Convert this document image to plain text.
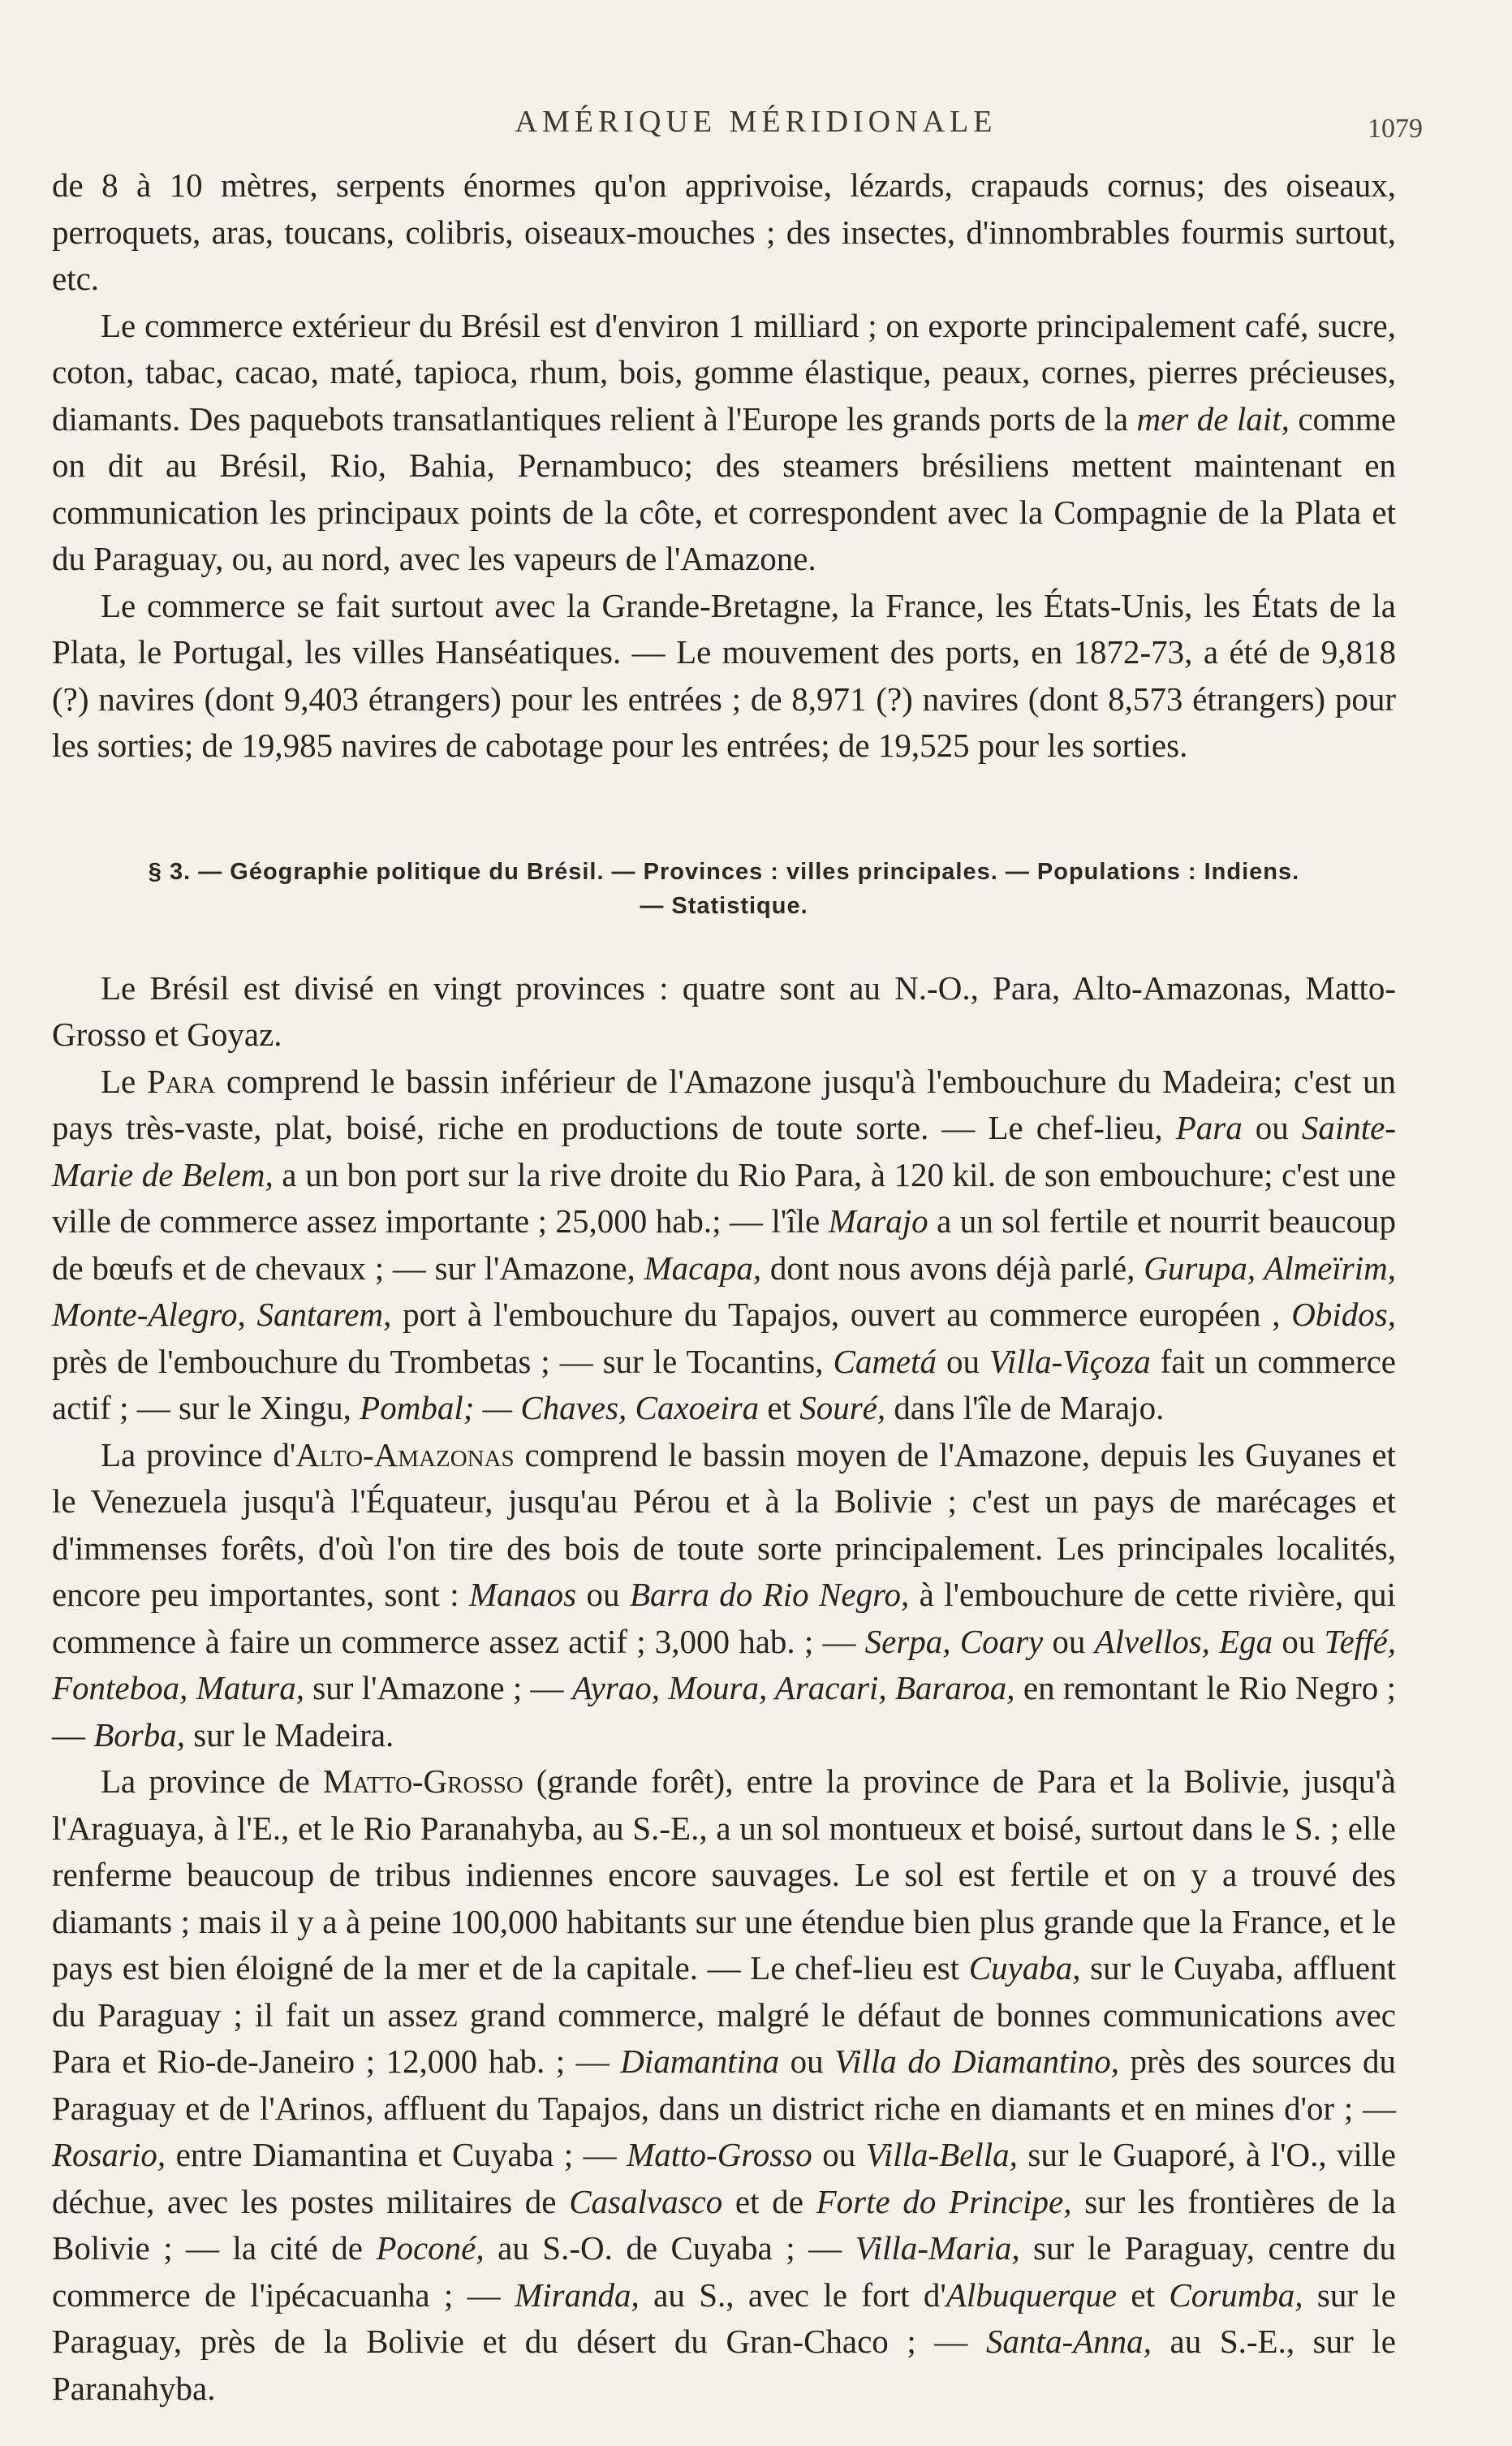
AMÉRIQUE MÉRIDIONALE	1079

de 8 à 10 mètres, serpents énormes qu'on apprivoise, lézards, crapauds cornus; des oiseaux, perroquets, aras, toucans, colibris, oiseaux-mouches ; des insectes, d'innombrables fourmis surtout, etc.

Le commerce extérieur du Brésil est d'environ 1 milliard ; on exporte principalement café, sucre, coton, tabac, cacao, maté, tapioca, rhum, bois, gomme élastique, peaux, cornes, pierres précieuses, diamants. Des paquebots transatlantiques relient à l'Europe les grands ports de la mer de lait, comme on dit au Brésil, Rio, Bahia, Pernambuco; des steamers brésiliens mettent maintenant en communication les principaux points de la côte, et correspondent avec la Compagnie de la Plata et du Paraguay, ou, au nord, avec les vapeurs de l'Amazone.

Le commerce se fait surtout avec la Grande-Bretagne, la France, les États-Unis, les États de la Plata, le Portugal, les villes Hanséatiques. — Le mouvement des ports, en 1872-73, a été de 9,818 (?) navires (dont 9,403 étrangers) pour les entrées ; de 8,971 (?) navires (dont 8,573 étrangers) pour les sorties; de 19,985 navires de cabotage pour les entrées; de 19,525 pour les sorties.

§ 3. — Géographie politique du Brésil. — Provinces : villes principales. — Populations : Indiens.
— Statistique.

Le Brésil est divisé en vingt provinces : quatre sont au N.-O., Para, Alto-Amazonas, Matto-Grosso et Goyaz.

Le Para comprend le bassin inférieur de l'Amazone jusqu'à l'embouchure du Madeira; c'est un pays très-vaste, plat, boisé, riche en productions de toute sorte. — Le chef-lieu, Para ou Sainte-Marie de Belem, a un bon port sur la rive droite du Rio Para, à 120 kil. de son embouchure; c'est une ville de commerce assez importante ; 25,000 hab.; — l'île Marajo a un sol fertile et nourrit beaucoup de bœufs et de chevaux ; — sur l'Amazone, Macapa, dont nous avons déjà parlé, Gurupa, Almeïrim, Monte-Alegro, Santarem, port à l'embouchure du Tapajos, ouvert au commerce européen , Obidos, près de l'embouchure du Trombetas ; — sur le Tocantins, Cametá ou Villa-Viçoza fait un commerce actif ; — sur le Xingu, Pombal; — Chaves, Caxoeira et Souré, dans l'île de Marajo.

La province d'Alto-Amazonas comprend le bassin moyen de l'Amazone, depuis les Guyanes et le Venezuela jusqu'à l'Équateur, jusqu'au Pérou et à la Bolivie ; c'est un pays de marécages et d'immenses forêts, d'où l'on tire des bois de toute sorte principalement. Les principales localités, encore peu importantes, sont : Manaos ou Barra do Rio Negro, à l'embouchure de cette rivière, qui commence à faire un commerce assez actif ; 3,000 hab. ; — Serpa, Coary ou Alvellos, Ega ou Teffé, Fonteboa, Matura, sur l'Amazone ; — Ayrao, Moura, Aracari, Bararoa, en remontant le Rio Negro ; — Borba, sur le Madeira.

La province de Matto-Grosso (grande forêt), entre la province de Para et la Bolivie, jusqu'à l'Araguaya, à l'E., et le Rio Paranahyba, au S.-E., a un sol montueux et boisé, surtout dans le S. ; elle renferme beaucoup de tribus indiennes encore sauvages. Le sol est fertile et on y a trouvé des diamants ; mais il y a à peine 100,000 habitants sur une étendue bien plus grande que la France, et le pays est bien éloigné de la mer et de la capitale. — Le chef-lieu est Cuyaba, sur le Cuyaba, affluent du Paraguay ; il fait un assez grand commerce, malgré le défaut de bonnes communications avec Para et Rio-de-Janeiro ; 12,000 hab. ; — Diamantina ou Villa do Diamantino, près des sources du Paraguay et de l'Arinos, affluent du Tapajos, dans un district riche en diamants et en mines d'or ; — Rosario, entre Diamantina et Cuyaba ; — Matto-Grosso ou Villa-Bella, sur le Guaporé, à l'O., ville déchue, avec les postes militaires de Casalvasco et de Forte do Principe, sur les frontières de la Bolivie ; — la cité de Poconé, au S.-O. de Cuyaba ; — Villa-Maria, sur le Paraguay, centre du commerce de l'ipécacuanha ; — Miranda, au S., avec le fort d'Albuquerque et Corumba, sur le Paraguay, près de la Bolivie et du désert du Gran-Chaco ; — Santa-Anna, au S.-E., sur le Paranahyba.
